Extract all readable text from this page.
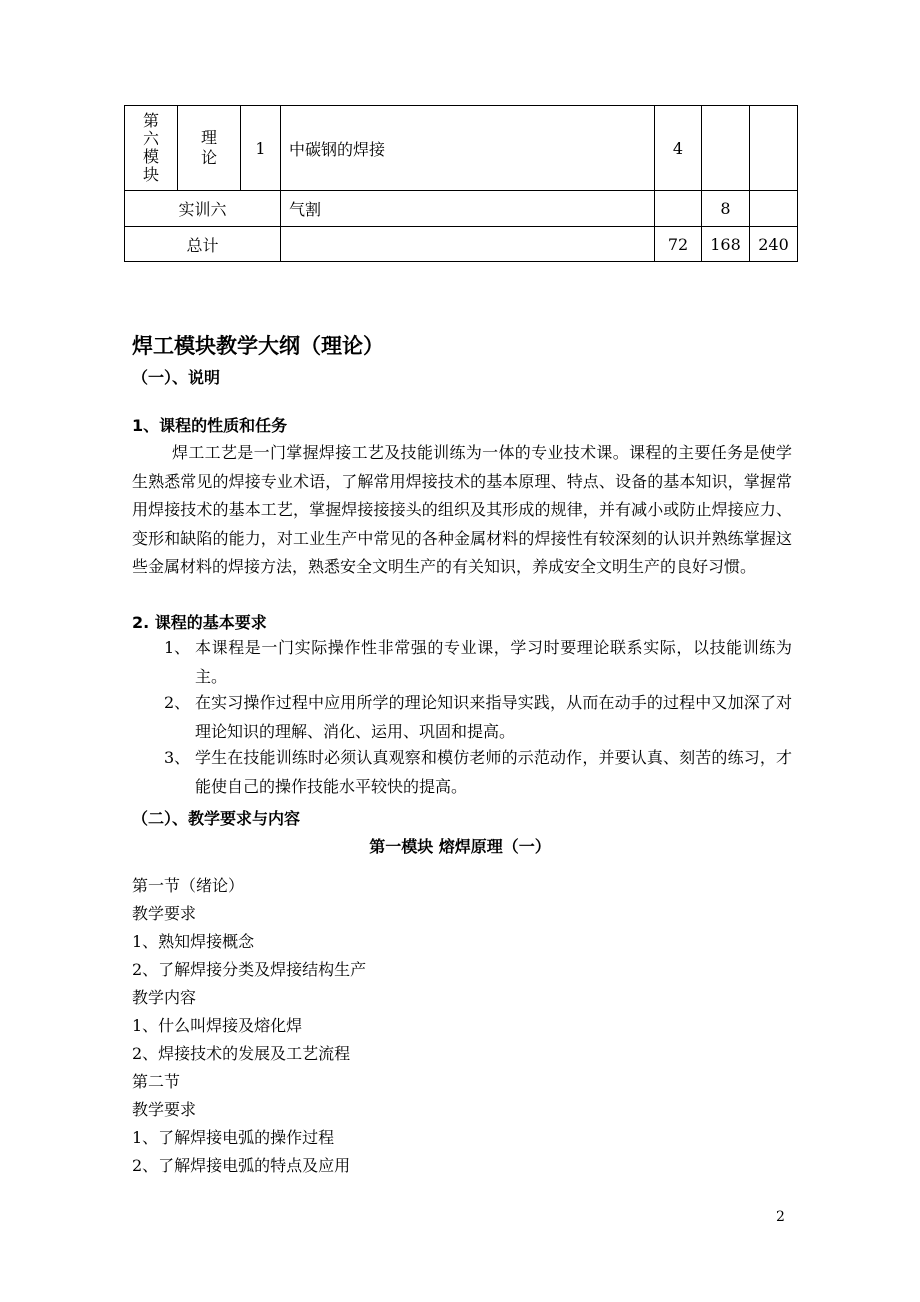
第六模块	理论	1	中碳钢的焊接	4		
实训六			气割		8	
总计				72	168	240
焊工模块教学大纲（理论）
（一）、说明
1、课程的性质和任务
焊工工艺是一门掌握焊接工艺及技能训练为一体的专业技术课。课程的主要任务是使学生熟悉常见的焊接专业术语，了解常用焊接技术的基本原理、特点、设备的基本知识，掌握常用焊接技术的基本工艺，掌握焊接接接头的组织及其形成的规律，并有减小或防止焊接应力、变形和缺陷的能力，对工业生产中常见的各种金属材料的焊接性有较深刻的认识并熟练掌握这些金属材料的焊接方法，熟悉安全文明生产的有关知识，养成安全文明生产的良好习惯。
2. 课程的基本要求
1、 本课程是一门实际操作性非常强的专业课，学习时要理论联系实际，以技能训练为主。
2、 在实习操作过程中应用所学的理论知识来指导实践，从而在动手的过程中又加深了对理论知识的理解、消化、运用、巩固和提高。
3、 学生在技能训练时必须认真观察和模仿老师的示范动作，并要认真、刻苦的练习，才能使自己的操作技能水平较快的提高。
（二）、教学要求与内容
第一模块 熔焊原理（一）
第一节（绪论）
教学要求
1、熟知焊接概念
2、了解焊接分类及焊接结构生产
教学内容
1、什么叫焊接及熔化焊
2、焊接技术的发展及工艺流程
第二节
教学要求
1、了解焊接电弧的操作过程
2、了解焊接电弧的特点及应用
2
